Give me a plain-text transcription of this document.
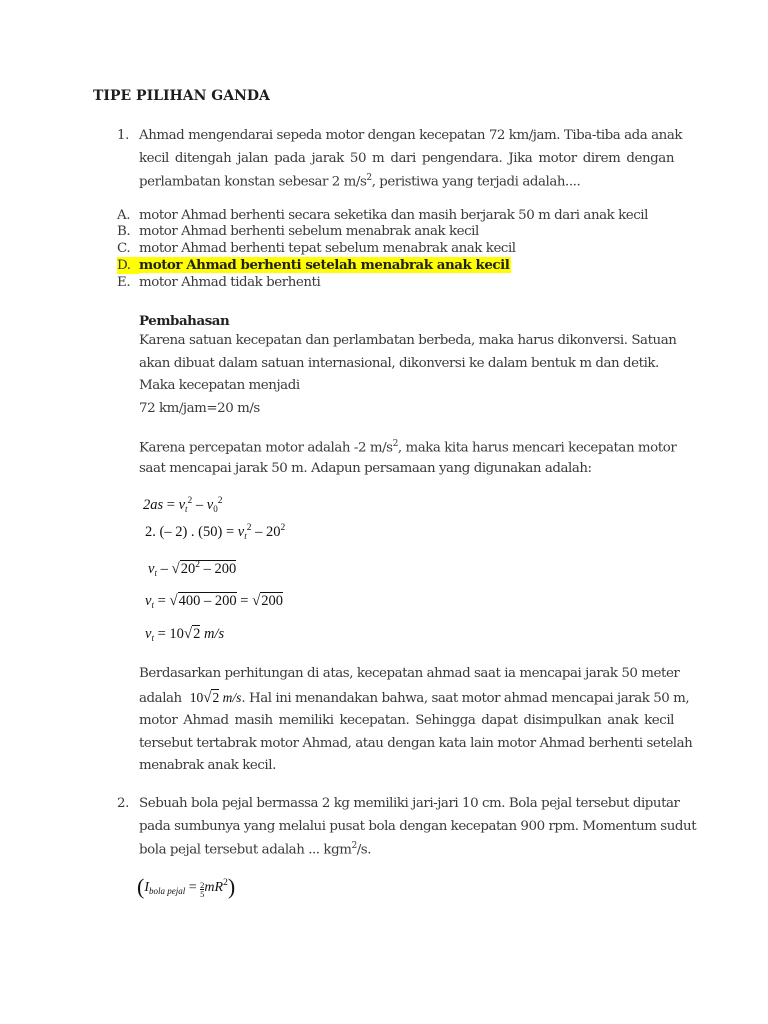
TIPE PILIHAN GANDA
1. Ahmad mengendarai sepeda motor dengan kecepatan 72 km/jam. Tiba-tiba ada anak
kecil ditengah jalan pada jarak 50 m dari pengendara. Jika motor direm dengan
perlambatan konstan sebesar 2 $m/s^2$, peristiwa yang terjadi adalah....
A. motor Ahmad berhenti secara seketika dan masih berjarak 50 m dari anak kecil
B. motor Ahmad berhenti sebelum menabrak anak kecil
C. motor Ahmad berhenti tepat sebelum menabrak anak kecil
D. motor Ahmad berhenti setelah menabrak anak kecil
E. motor Ahmad tidak berhenti
Pembahasan
Karena satuan kecepatan dan perlambatan berbeda, maka harus dikonversi. Satuan
akan dibuat dalam satuan internasional, dikonversi ke dalam bentuk m dan detik.
Maka kecepatan menjadi
72 km/jam=20 m/s
Karena percepatan motor adalah -2 $m/s^2$, maka kita harus mencari kecepatan motor
saat mencapai jarak 50 m. Adapun persamaan yang digunakan adalah:
$2as = v_t^2 - v_0^2$
2. (– 2) . $(50) = v_t^2 - 20^2$
$v_t - √20^2 - 200$
$v_t = √400 - 200 = √200$
$v_t = 10√2$ m/s
Berdasarkan perhitungan di atas, kecepatan ahmad saat ia mencapai jarak 50 meter
adalah 10√2 m/s . Hal ini menandakan bahwa, saat motor ahmad mencapai jarak 50 m,
motor Ahmad masih memiliki kecepatan. Sehingga dapat disimpulkan anak kecil
tersebut tertabrak motor Ahmad, atau dengan kata lain motor Ahmad berhenti setelah
menabrak anak kecil.
2. Sebuah bola pejal bermassa 2 kg memiliki jari-jari 10 cm. Bola pejal tersebut diputar
pada sumbunya yang melalui pusat bola dengan kecepatan 900 rpm. Momentum sudut
bola pejal tersebut adalah ... kgm$^2$/s.
$(I_{bola pejal} = \frac{2}{5} mR^2)$
